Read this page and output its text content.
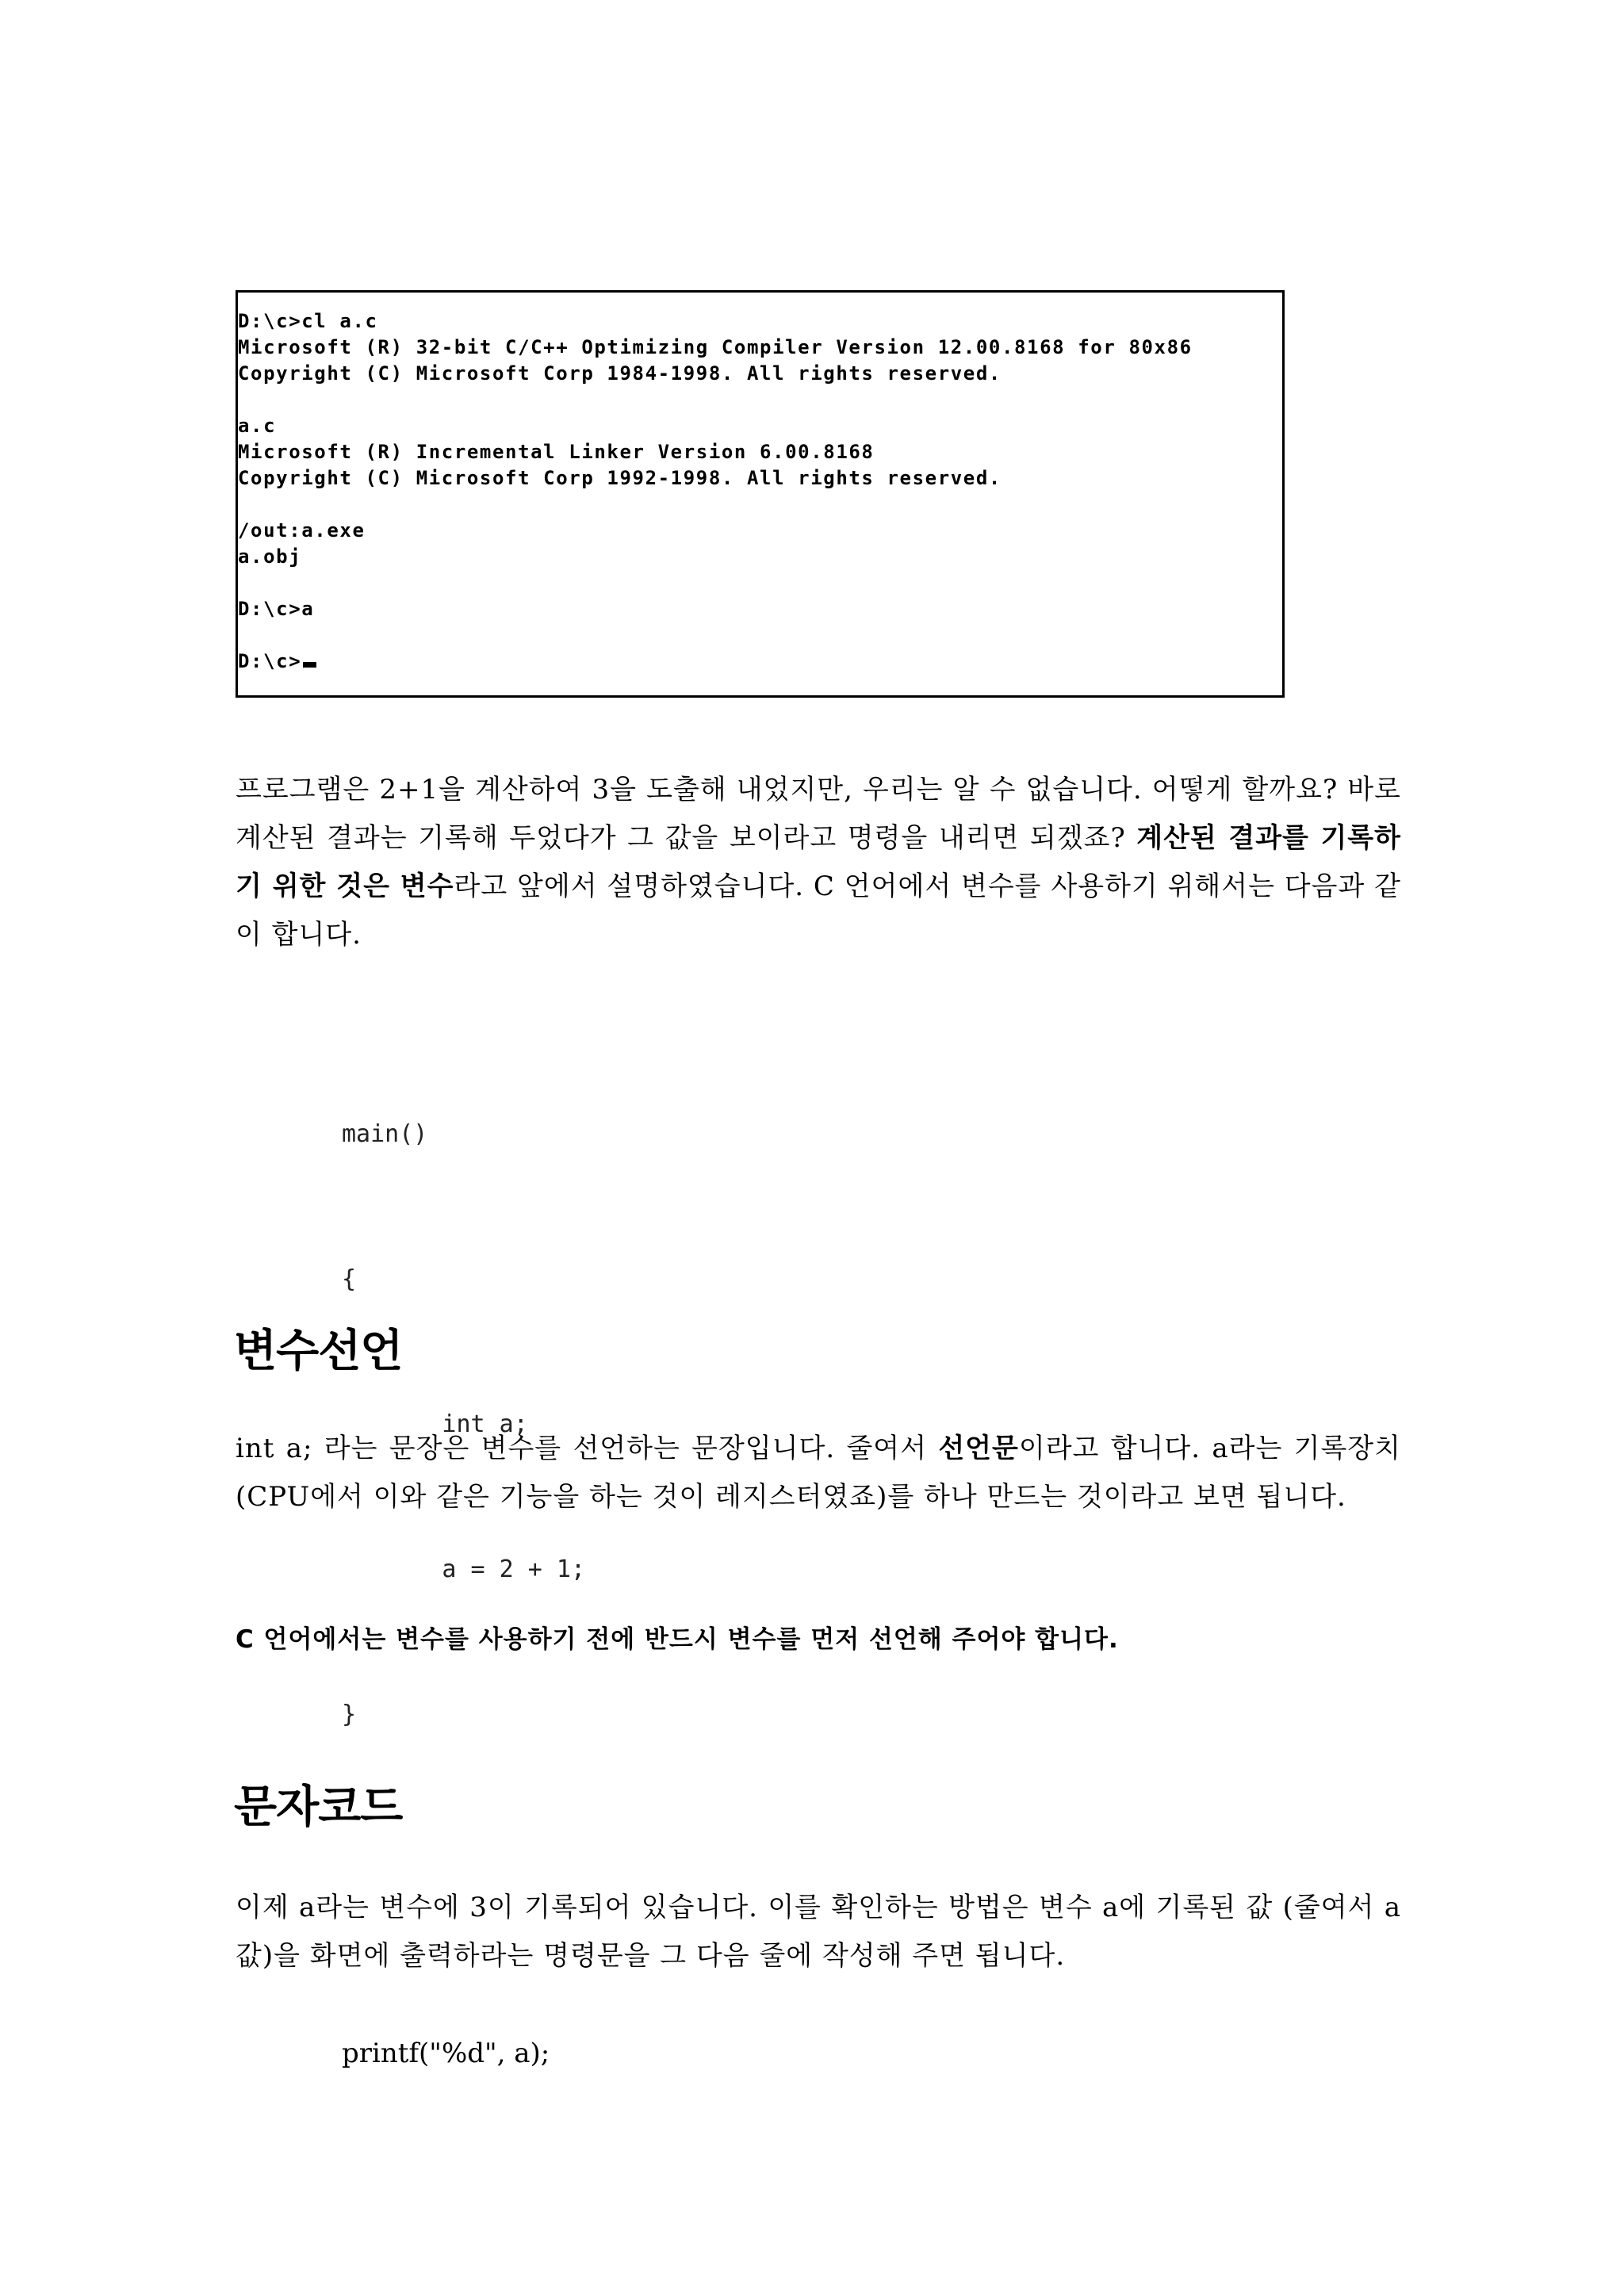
D:\c>cl a.c
Microsoft (R) 32-bit C/C++ Optimizing Compiler Version 12.00.8168 for 80x86
Copyright (C) Microsoft Corp 1984-1998. All rights reserved.
a.c
Microsoft (R) Incremental Linker Version 6.00.8168
Copyright (C) Microsoft Corp 1992-1998. All rights reserved.
/out:a.exe
a.obj
D:\c>a
D:\c>
프로그램은 2+1을 계산하여 3을 도출해 내었지만, 우리는 알 수 없습니다. 어떻게 할까요? 바로 계산된 결과는 기록해 두었다가 그 값을 보이라고 명령을 내리면 되겠죠? 계산된 결과를 기록하기 위한 것은 변수라고 앞에서 설명하였습니다. C 언어에서 변수를 사용하기 위해서는 다음과 같이 합니다.

main()

{

int a;

a = 2 + 1;

}

변수선언
int a; 라는 문장은 변수를 선언하는 문장입니다. 줄여서 선언문이라고 합니다. a라는 기록장치 (CPU에서 이와 같은 기능을 하는 것이 레지스터였죠)를 하나 만드는 것이라고 보면 됩니다.
C 언어에서는 변수를 사용하기 전에 반드시 변수를 먼저 선언해 주어야 합니다.
문자코드
이제 a라는 변수에 3이 기록되어 있습니다. 이를 확인하는 방법은 변수 a에 기록된 값 (줄여서 a값)을 화면에 출력하라는 명령문을 그 다음 줄에 작성해 주면 됩니다.
printf("%d", a);
